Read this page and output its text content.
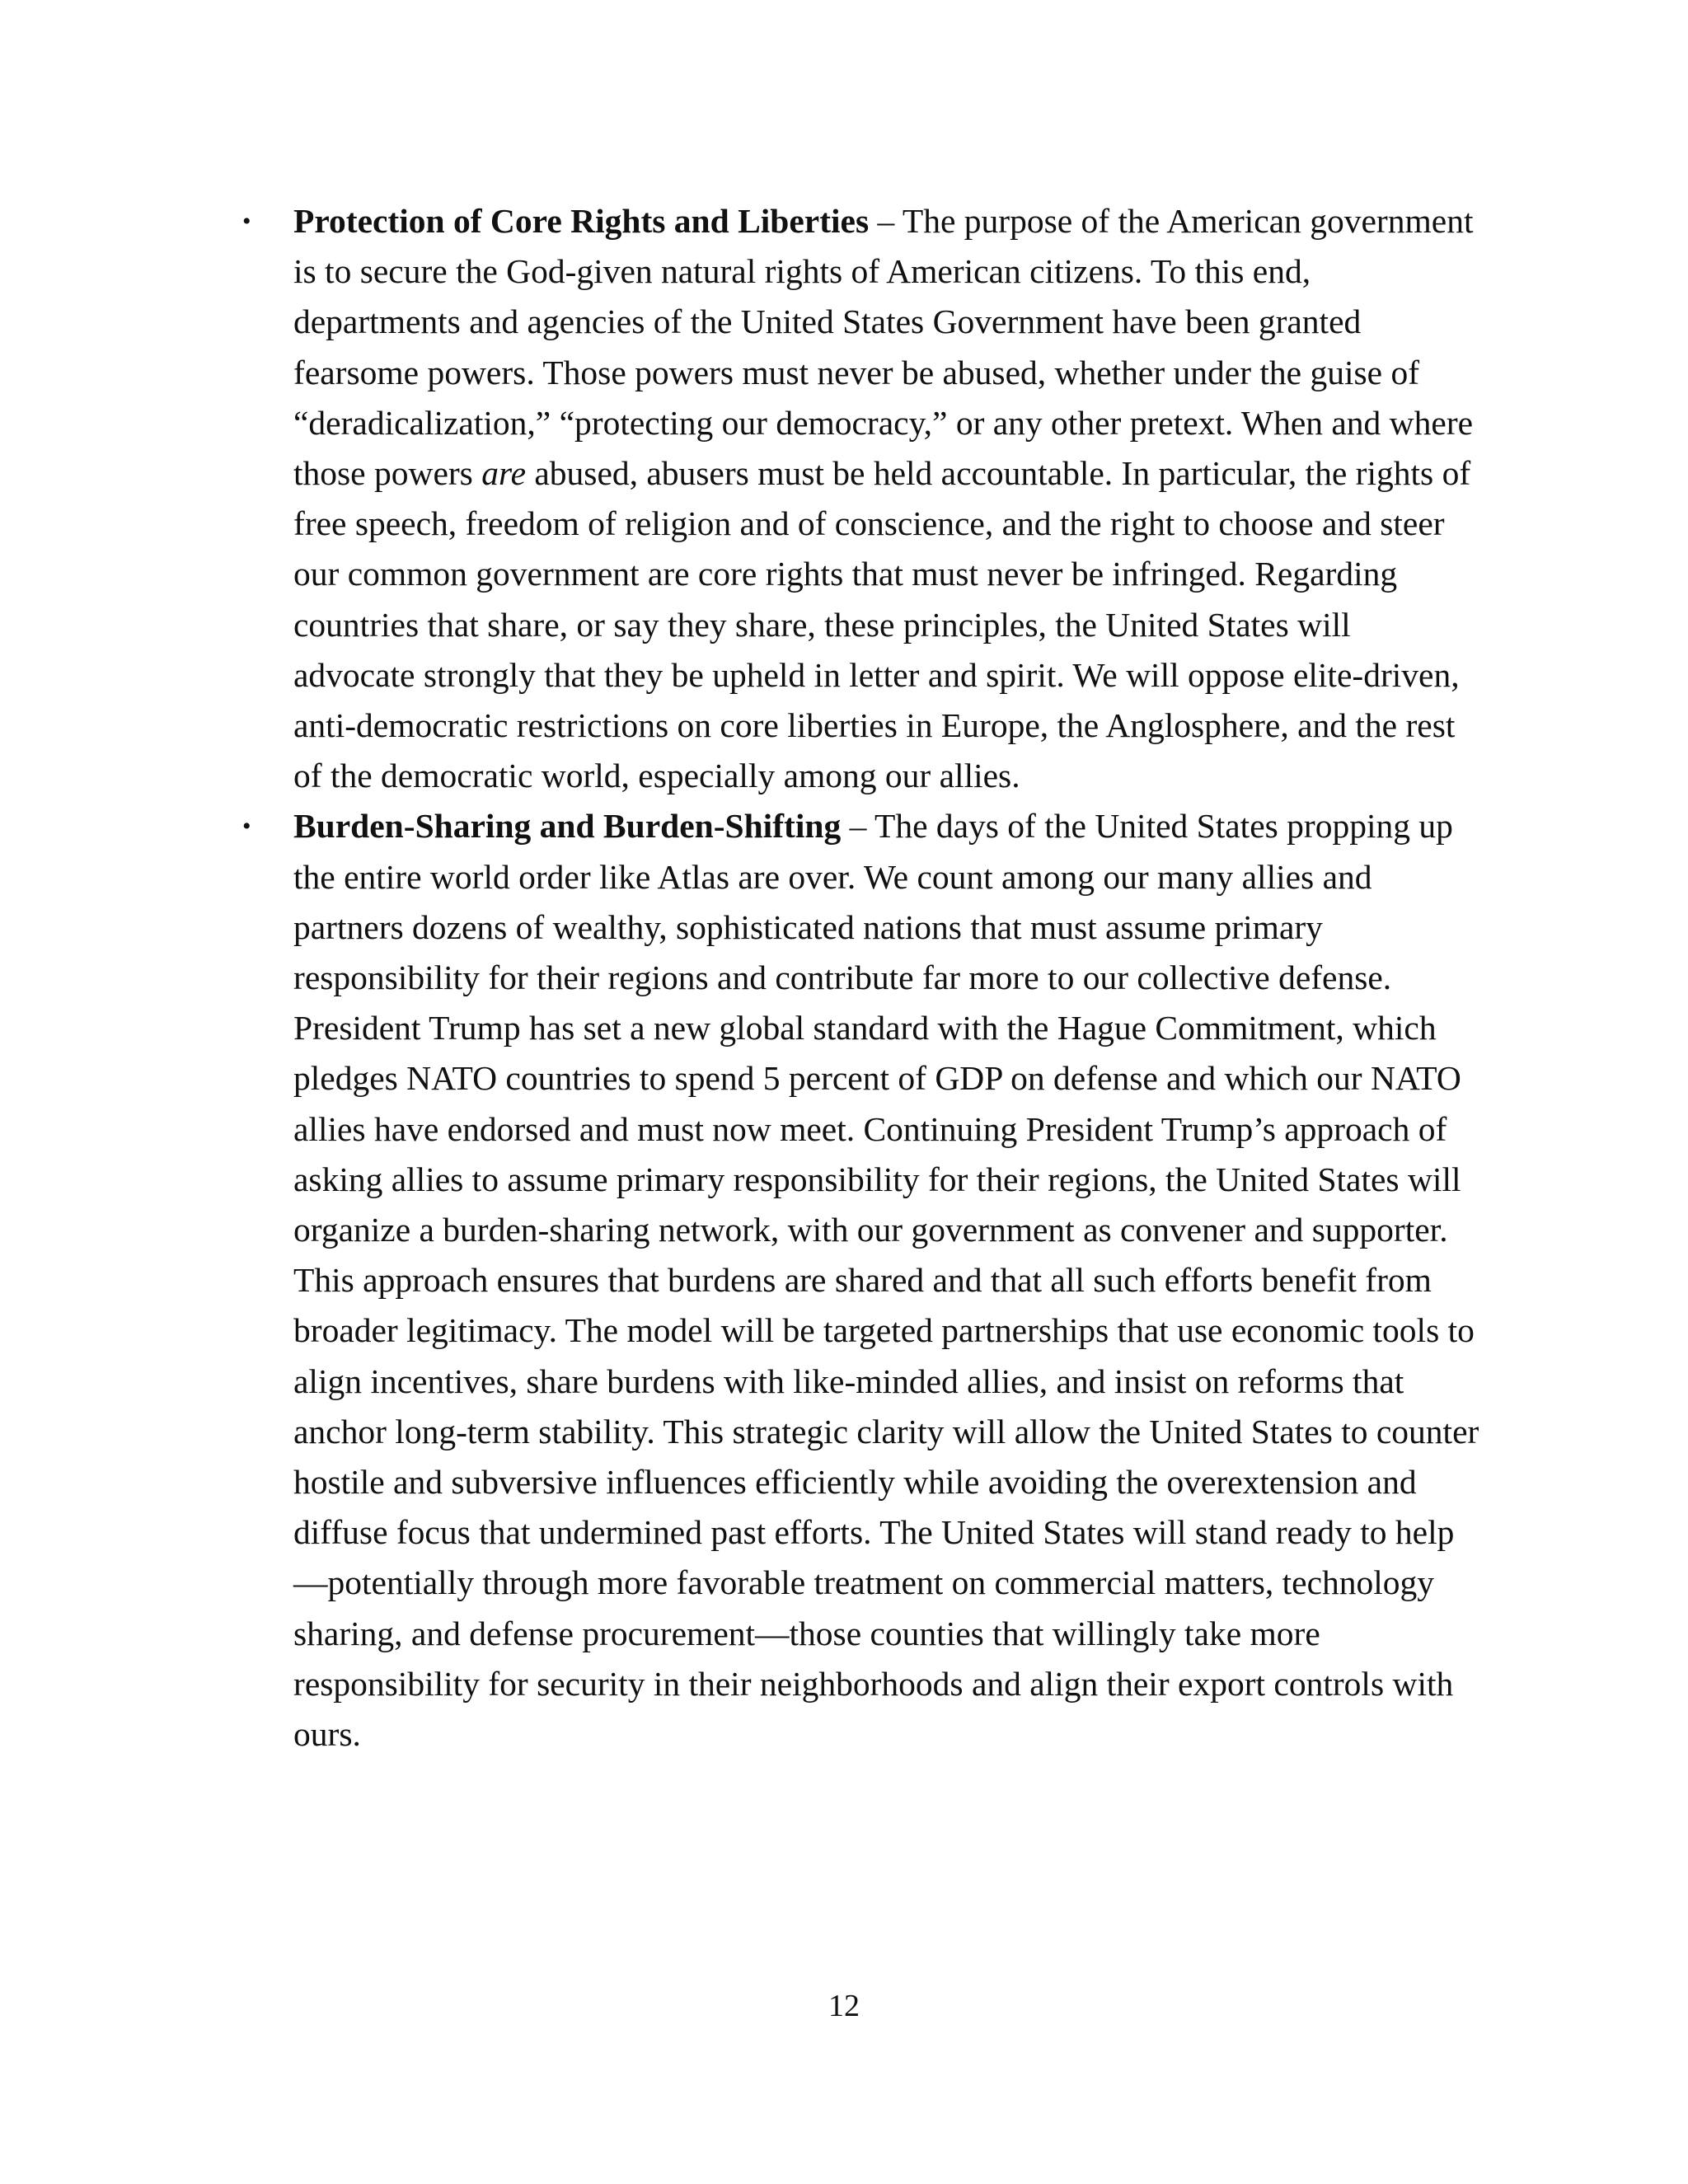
• Protection of Core Rights and Liberties – The purpose of the American government is to secure the God-given natural rights of American citizens. To this end, departments and agencies of the United States Government have been granted fearsome powers. Those powers must never be abused, whether under the guise of “deradicalization,” “protecting our democracy,” or any other pretext. When and where those powers are abused, abusers must be held accountable. In particular, the rights of free speech, freedom of religion and of conscience, and the right to choose and steer our common government are core rights that must never be infringed. Regarding countries that share, or say they share, these principles, the United States will advocate strongly that they be upheld in letter and spirit. We will oppose elite-driven, anti-democratic restrictions on core liberties in Europe, the Anglosphere, and the rest of the democratic world, especially among our allies.

• Burden-Sharing and Burden-Shifting – The days of the United States propping up the entire world order like Atlas are over. We count among our many allies and partners dozens of wealthy, sophisticated nations that must assume primary responsibility for their regions and contribute far more to our collective defense. President Trump has set a new global standard with the Hague Commitment, which pledges NATO countries to spend 5 percent of GDP on defense and which our NATO allies have endorsed and must now meet. Continuing President Trump’s approach of asking allies to assume primary responsibility for their regions, the United States will organize a burden-sharing network, with our government as convener and supporter. This approach ensures that burdens are shared and that all such efforts benefit from broader legitimacy. The model will be targeted partnerships that use economic tools to align incentives, share burdens with like-minded allies, and insist on reforms that anchor long-term stability. This strategic clarity will allow the United States to counter hostile and subversive influences efficiently while avoiding the overextension and diffuse focus that undermined past efforts. The United States will stand ready to help—potentially through more favorable treatment on commercial matters, technology sharing, and defense procurement—those counties that willingly take more responsibility for security in their neighborhoods and align their export controls with ours.

12
